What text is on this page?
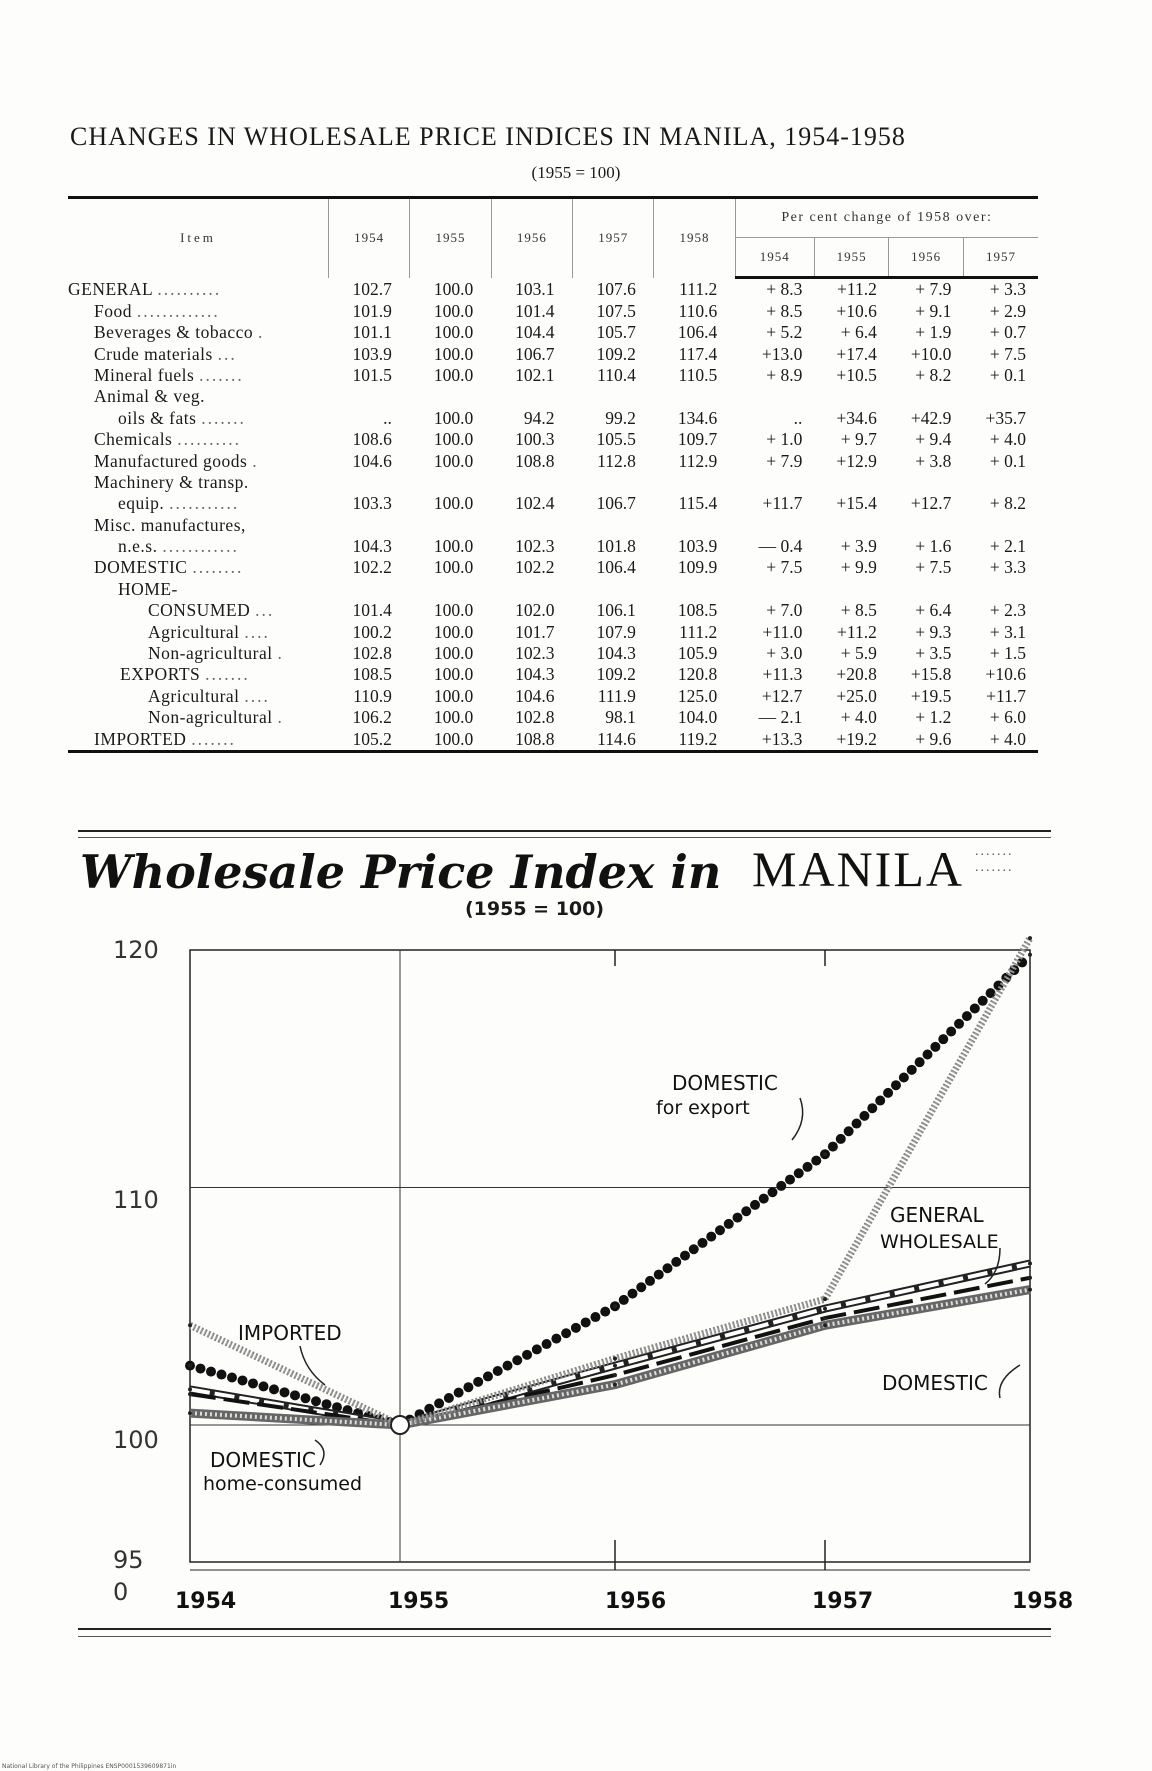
CHANGES IN WHOLESALE PRICE INDICES IN MANILA, 1954-1958
(1955 = 100)
Item	1954	1955	1956	1957	1958	Per cent change of 1958 over:			
						1954	1955	1956	1957
GENERAL ..........	102.7	100.0	103.1	107.6	111.2	+ 8.3	+11.2	+ 7.9	+ 3.3
Food .............	101.9	100.0	101.4	107.5	110.6	+ 8.5	+10.6	+ 9.1	+ 2.9
Beverages & tobacco .	101.1	100.0	104.4	105.7	106.4	+ 5.2	+ 6.4	+ 1.9	+ 0.7
Crude materials ...	103.9	100.0	106.7	109.2	117.4	+13.0	+17.4	+10.0	+ 7.5
Mineral fuels .......	101.5	100.0	102.1	110.4	110.5	+ 8.9	+10.5	+ 8.2	+ 0.1
Animal & veg.									
oils & fats .......	..	100.0	94.2	99.2	134.6	..	+34.6	+42.9	+35.7
Chemicals ..........	108.6	100.0	100.3	105.5	109.7	+ 1.0	+ 9.7	+ 9.4	+ 4.0
Manufactured goods .	104.6	100.0	108.8	112.8	112.9	+ 7.9	+12.9	+ 3.8	+ 0.1
Machinery & transp.									
equip. ...........	103.3	100.0	102.4	106.7	115.4	+11.7	+15.4	+12.7	+ 8.2
Misc. manufactures,									
n.e.s. ............	104.3	100.0	102.3	101.8	103.9	— 0.4	+ 3.9	+ 1.6	+ 2.1
DOMESTIC ........	102.2	100.0	102.2	106.4	109.9	+ 7.5	+ 9.9	+ 7.5	+ 3.3
HOME-									
CONSUMED ...	101.4	100.0	102.0	106.1	108.5	+ 7.0	+ 8.5	+ 6.4	+ 2.3
Agricultural ....	100.2	100.0	101.7	107.9	111.2	+11.0	+11.2	+ 9.3	+ 3.1
Non-agricultural .	102.8	100.0	102.3	104.3	105.9	+ 3.0	+ 5.9	+ 3.5	+ 1.5
EXPORTS .......	108.5	100.0	104.3	109.2	120.8	+11.3	+20.8	+15.8	+10.6
Agricultural ....	110.9	100.0	104.6	111.9	125.0	+12.7	+25.0	+19.5	+11.7
Non-agricultural .	106.2	100.0	102.8	98.1	104.0	— 2.1	+ 4.0	+ 1.2	+ 6.0
IMPORTED .......	105.2	100.0	108.8	114.6	119.2	+13.3	+19.2	+ 9.6	+ 4.0
Wholesale Price Index in MANILA .......
.......
(1955 = 100)
120
110
100
95
0 1954	1955	1956	1957	1958
DOMESTIC
for export
GENERAL
WHOLESALE
DOMESTIC
DOMESTIC
home-consumed
IMPORTED
National Library of the Philippines ENSP0001539609871in
